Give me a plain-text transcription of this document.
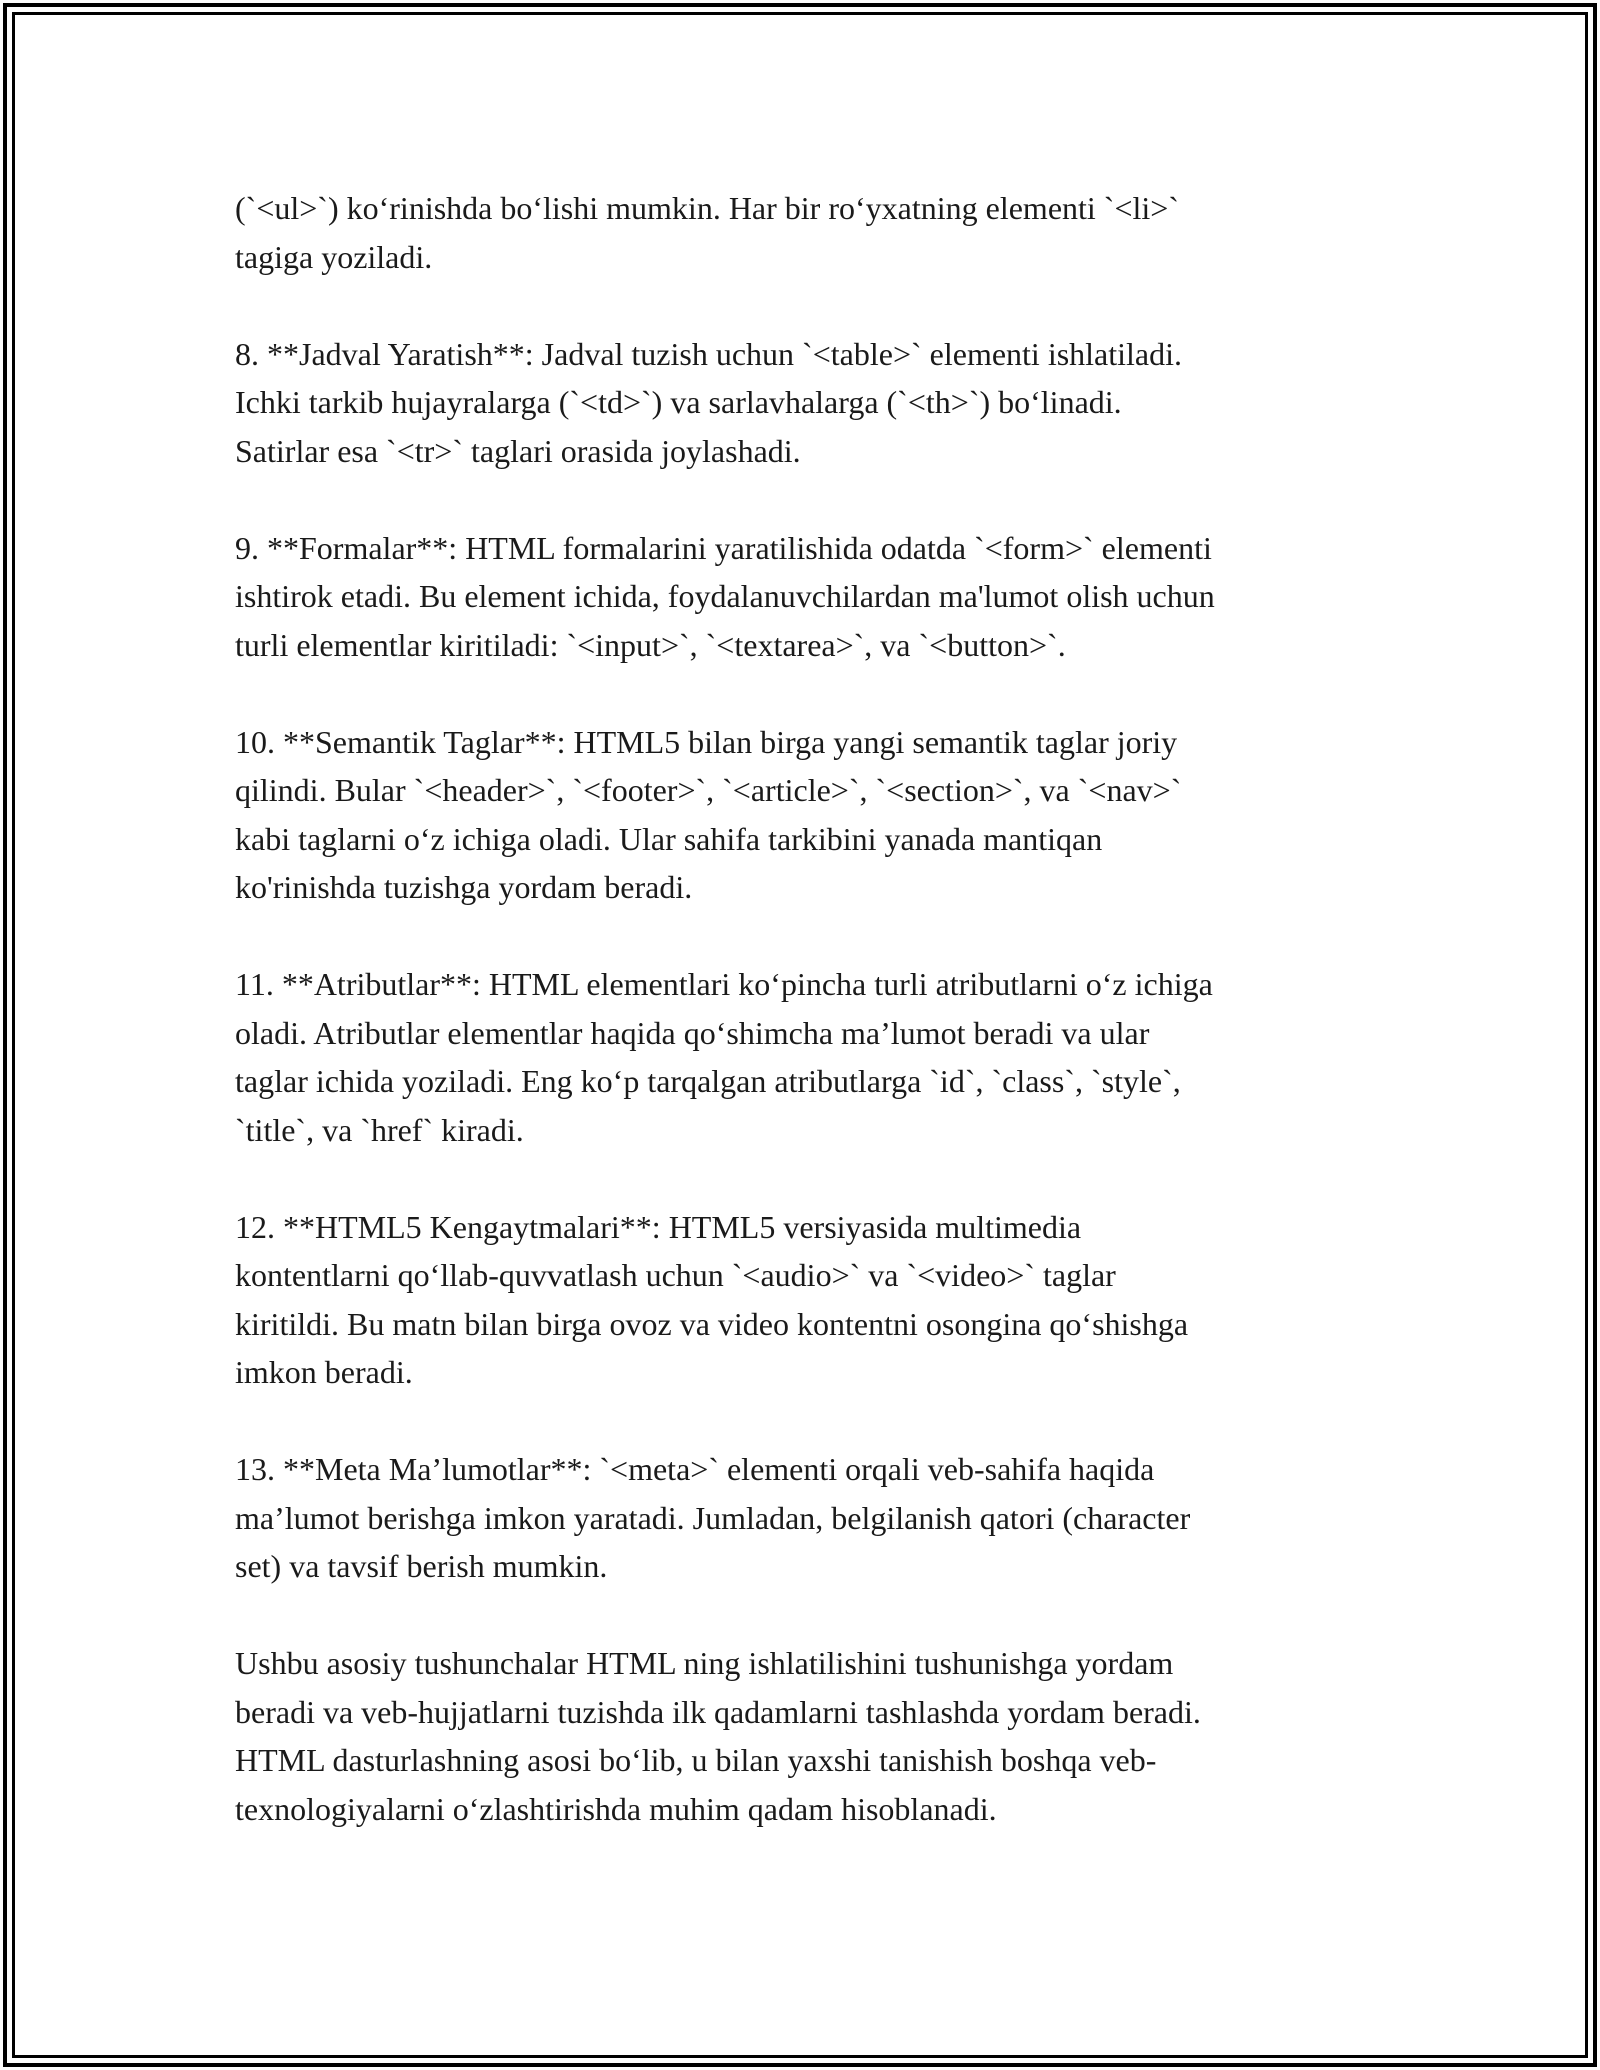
(`<ul>`) ko‘rinishda bo‘lishi mumkin. Har bir ro‘yxatning elementi `<li>`
tagiga yoziladi.

8. **Jadval Yaratish**: Jadval tuzish uchun `<table>` elementi ishlatiladi.
Ichki tarkib hujayralarga (`<td>`) va sarlavhalarga (`<th>`) bo‘linadi.
Satirlar esa `<tr>` taglari orasida joylashadi.

9. **Formalar**: HTML formalarini yaratilishida odatda `<form>` elementi
ishtirok etadi. Bu element ichida, foydalanuvchilardan ma'lumot olish uchun
turli elementlar kiritiladi: `<input>`, `<textarea>`, va `<button>`.

10. **Semantik Taglar**: HTML5 bilan birga yangi semantik taglar joriy
qilindi. Bular `<header>`, `<footer>`, `<article>`, `<section>`, va `<nav>`
kabi taglarni o‘z ichiga oladi. Ular sahifa tarkibini yanada mantiqan
ko'rinishda tuzishga yordam beradi.

11. **Atributlar**: HTML elementlari ko‘pincha turli atributlarni o‘z ichiga
oladi. Atributlar elementlar haqida qo‘shimcha ma’lumot beradi va ular
taglar ichida yoziladi. Eng ko‘p tarqalgan atributlarga `id`, `class`, `style`,
`title`, va `href` kiradi.

12. **HTML5 Kengaytmalari**: HTML5 versiyasida multimedia
kontentlarni qo‘llab-quvvatlash uchun `<audio>` va `<video>` taglar
kiritildi. Bu matn bilan birga ovoz va video kontentni osongina qo‘shishga
imkon beradi.

13. **Meta Ma’lumotlar**: `<meta>` elementi orqali veb-sahifa haqida
ma’lumot berishga imkon yaratadi. Jumladan, belgilanish qatori (character
set) va tavsif berish mumkin.

Ushbu asosiy tushunchalar HTML ning ishlatilishini tushunishga yordam
beradi va veb-hujjatlarni tuzishda ilk qadamlarni tashlashda yordam beradi.
HTML dasturlashning asosi bo‘lib, u bilan yaxshi tanishish boshqa veb-
texnologiyalarni o‘zlashtirishda muhim qadam hisoblanadi.
